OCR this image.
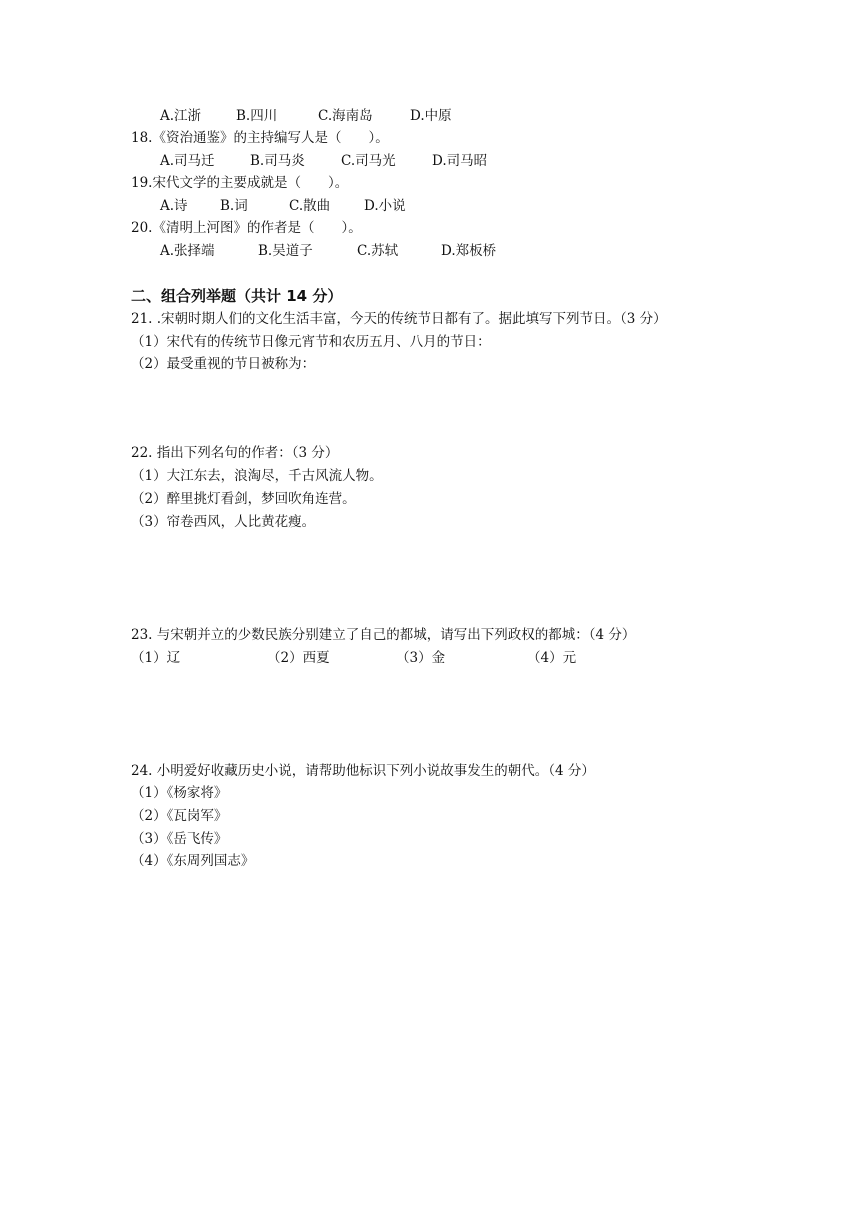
A.江浙	B.四川	C.海南岛	D.中原
18.《资治通鉴》的主持编写人是（　　）。
A.司马迁	B.司马炎	C.司马光	D.司马昭
19.宋代文学的主要成就是（　　）。
A.诗 B.词	C.散曲	D.小说
20.《清明上河图》的作者是（　　）。
A.张择端	B.吴道子	C.苏轼	D.郑板桥
二、组合列举题（共计 14 分）
21. .宋朝时期人们的文化生活丰富，今天的传统节日都有了。据此填写下列节日。（3 分）
（1）宋代有的传统节日像元宵节和农历五月、八月的节日：
（2）最受重视的节日被称为：
22. 指出下列名句的作者：（3 分）
（1）大江东去，浪淘尽，千古风流人物。
（2）醉里挑灯看剑，梦回吹角连营。
（3）帘卷西风，人比黄花瘦。
23. 与宋朝并立的少数民族分别建立了自己的都城，请写出下列政权的都城：（4 分）
（1）辽	（2）西夏	（3）金	（4）元
24. 小明爱好收藏历史小说，请帮助他标识下列小说故事发生的朝代。（4 分）
（1）《杨家将》
（2）《瓦岗军》
（3）《岳飞传》
（4）《东周列国志》
